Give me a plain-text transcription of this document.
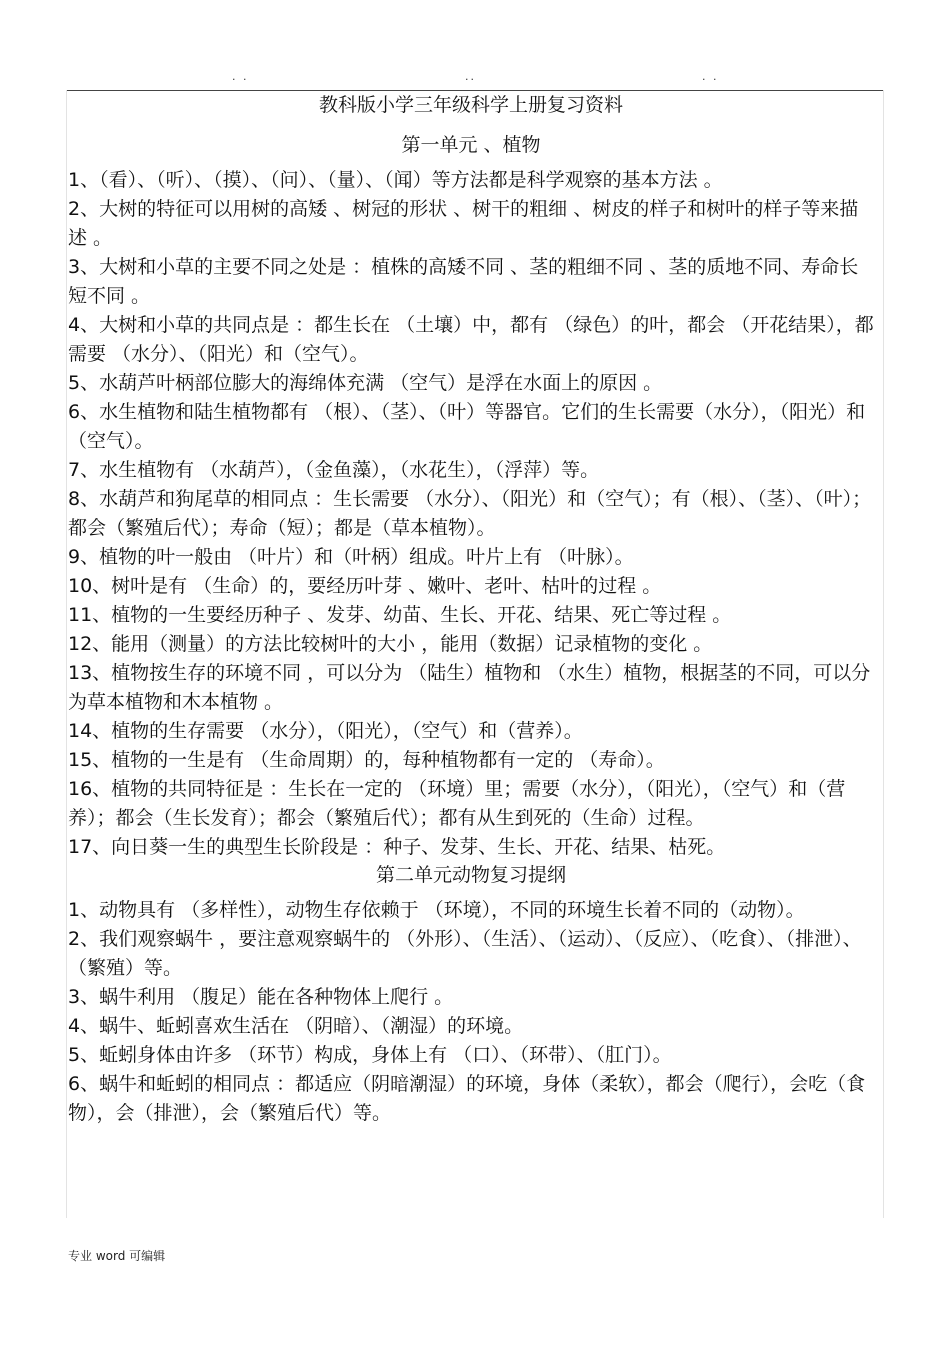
. .	..	. .

教科版小学三年级科学上册复习资料

第一单元 、植物

1、（看）、（听）、（摸）、（问）、（量）、（闻）等方法都是科学观察的基本方法 。

2、大树的特征可以用树的高矮 、树冠的形状 、树干的粗细 、树皮的样子和树叶的样子等来描述 。

3、大树和小草的主要不同之处是 ：植株的高矮不同 、茎的粗细不同 、茎的质地不同、寿命长短不同 。

4、大树和小草的共同点是 ：都生长在 （土壤）中，都有 （绿色）的叶，都会 （开花结果），都需要 （水分）、（阳光）和（空气）。

5、水葫芦叶柄部位膨大的海绵体充满 （空气）是浮在水面上的原因 。

6、水生植物和陆生植物都有 （根）、（茎）、（叶）等器官。它们的生长需要（水分），（阳光）和（空气）。

7、水生植物有 （水葫芦），（金鱼藻），（水花生），（浮萍）等。

8、水葫芦和狗尾草的相同点 ：生长需要 （水分）、（阳光）和（空气）；有（根）、（茎）、（叶）；都会（繁殖后代）；寿命（短）；都是（草本植物）。

9、植物的叶一般由 （叶片）和（叶柄）组成。叶片上有 （叶脉）。

10、树叶是有 （生命）的，要经历叶芽 、嫩叶、老叶、枯叶的过程 。

11、植物的一生要经历种子 、发芽、幼苗、生长、开花、结果、死亡等过程 。

12、能用（测量）的方法比较树叶的大小 ，能用（数据）记录植物的变化 。

13、植物按生存的环境不同 ，可以分为 （陆生）植物和 （水生）植物，根据茎的不同，可以分为草本植物和木本植物 。

14、植物的生存需要 （水分），（阳光），（空气）和（营养）。

15、植物的一生是有 （生命周期）的，每种植物都有一定的 （寿命）。

16、植物的共同特征是 ：生长在一定的 （环境）里；需要（水分），（阳光），（空气）和（营养）；都会（生长发育）；都会（繁殖后代）；都有从生到死的（生命）过程。

17、向日葵一生的典型生长阶段是 ：种子、发芽、生长、开花、结果、枯死。

第二单元动物复习提纲

1、动物具有 （多样性），动物生存依赖于 （环境），不同的环境生长着不同的（动物）。

2、我们观察蜗牛 ，要注意观察蜗牛的 （外形）、（生活）、（运动）、（反应）、（吃食）、（排泄）、（繁殖）等。

3、蜗牛利用 （腹足）能在各种物体上爬行 。

4、蜗牛、蚯蚓喜欢生活在 （阴暗）、（潮湿）的环境。

5、蚯蚓身体由许多 （环节）构成，身体上有 （口）、（环带）、（肛门）。

6、蜗牛和蚯蚓的相同点 ：都适应（阴暗潮湿）的环境，身体（柔软），都会（爬行），会吃（食物），会（排泄），会（繁殖后代）等。

专业 word 可编辑
